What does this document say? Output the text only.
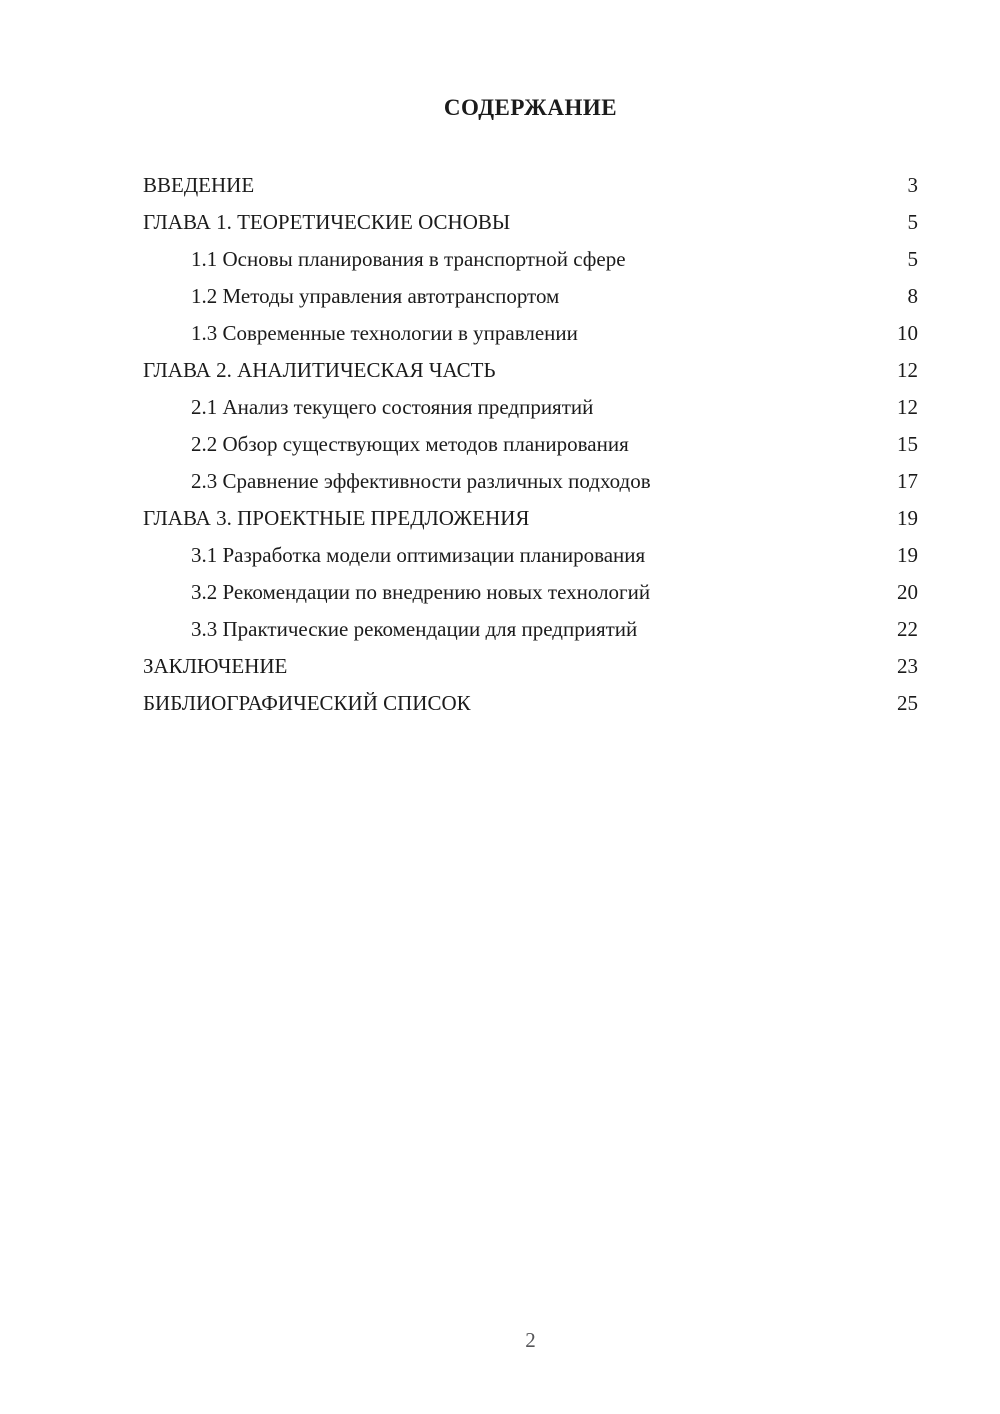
СОДЕРЖАНИЕ
ВВЕДЕНИЕ	3
ГЛАВА 1. ТЕОРЕТИЧЕСКИЕ ОСНОВЫ	5
1.1 Основы планирования в транспортной сфере	5
1.2 Методы управления автотранспортом	8
1.3 Современные технологии в управлении	10
ГЛАВА 2. АНАЛИТИЧЕСКАЯ ЧАСТЬ	12
2.1 Анализ текущего состояния предприятий	12
2.2 Обзор существующих методов планирования	15
2.3 Сравнение эффективности различных подходов	17
ГЛАВА 3. ПРОЕКТНЫЕ ПРЕДЛОЖЕНИЯ	19
3.1 Разработка модели оптимизации планирования	19
3.2 Рекомендации по внедрению новых технологий	20
3.3 Практические рекомендации для предприятий	22
ЗАКЛЮЧЕНИЕ	23
БИБЛИОГРАФИЧЕСКИЙ СПИСОК	25
2
